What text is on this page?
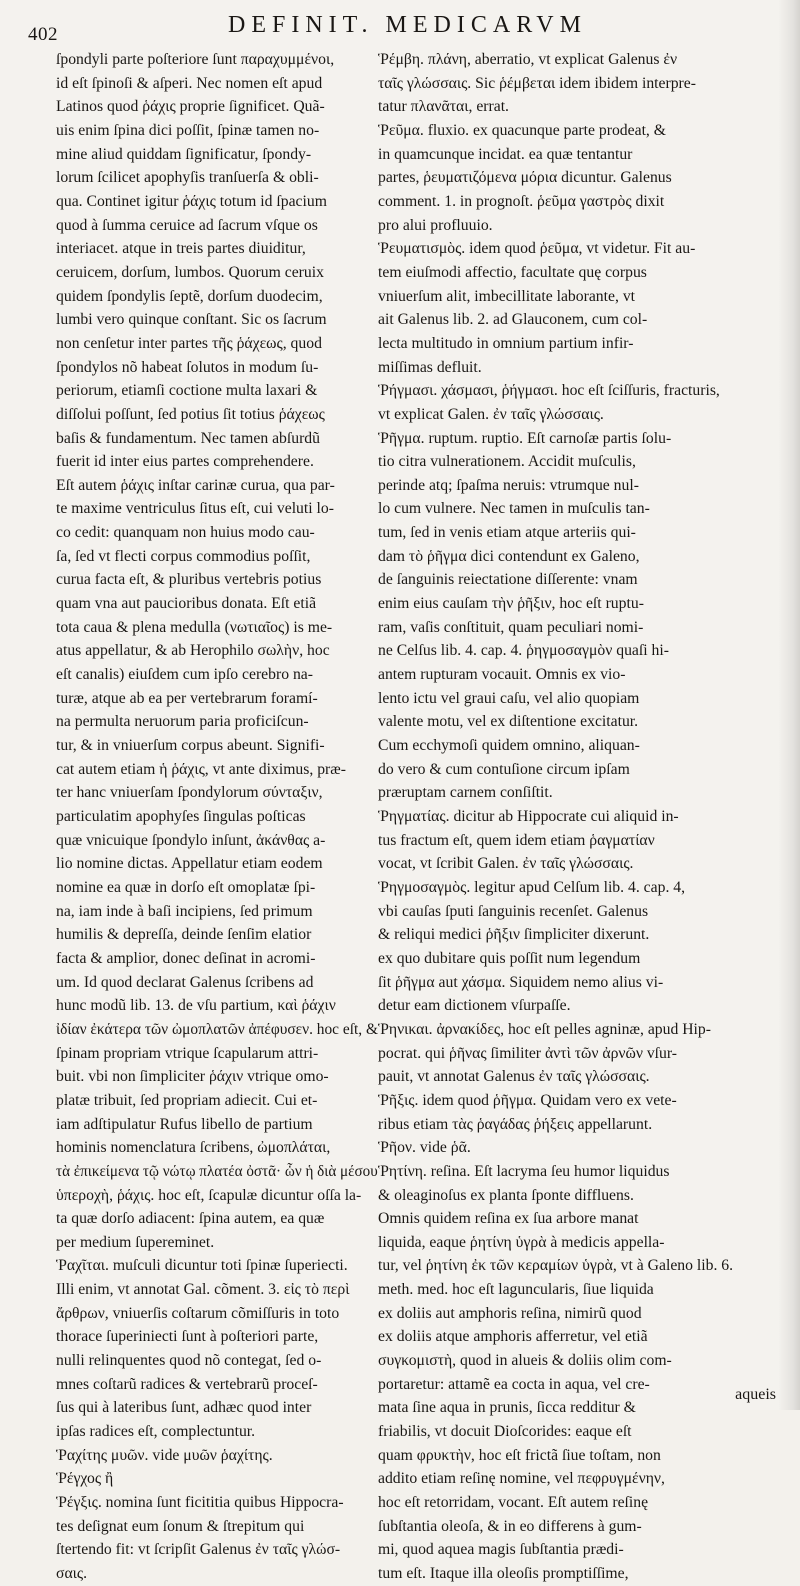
402	DEFINIT. MEDICARVM
ſpondyli parte poſteriore ſunt παραχυμμένοι,
id eſt ſpinoſi & aſperi. Nec nomen eſt apud
Latinos quod ῥάχις proprie ſignificet. Quã-
uis enim ſpina dici poſſit, ſpinæ tamen no-
mine aliud quiddam ſignificatur, ſpondy-
lorum ſcilicet apophyſis tranſuerſa & obli-
qua. Continet igitur ῥάχις totum id ſpacium
quod à ſumma ceruice ad ſacrum vſque os
interiacet. atque in treis partes diuiditur,
ceruicem, dorſum, lumbos. Quorum ceruix
quidem ſpondylis ſeptẽ, dorſum duodecim,
lumbi vero quinque conſtant. Sic os ſacrum
non cenſetur inter partes τῆς ῥάχεως, quod
ſpondylos nõ habeat ſolutos in modum ſu-
periorum, etiamſi coctione multa laxari &
diſſolui poſſunt, ſed potius ſit totius ῥάχεως
baſis & fundamentum. Nec tamen abſurdũ
fuerit id inter eius partes comprehendere.
Eſt autem ῥάχις inſtar carinæ curua, qua par-
te maxime ventriculus ſitus eſt, cui veluti lo-
co cedit: quanquam non huius modo cau-
ſa, ſed vt flecti corpus commodius poſſit,
curua facta eſt, & pluribus vertebris potius
quam vna aut paucioribus donata. Eſt etiã
tota caua & plena medulla (νωτιαῖος) is me-
atus appellatur, & ab Herophilo σωλὴν, hoc
eſt canalis) eiuſdem cum ipſo cerebro na-
turæ, atque ab ea per vertebrarum foramí-
na permulta neruorum paria proficiſcun-
tur, & in vniuerſum corpus abeunt. Signifi-
cat autem etiam ἡ ῥάχις, vt ante diximus, præ-
ter hanc vniuerſam ſpondylorum σύνταξιν,
particulatim apophyſes ſingulas poſticas
quæ vnicuique ſpondylo inſunt, ἀκάνθας a-
lio nomine dictas. Appellatur etiam eodem
nomine ea quæ in dorſo eſt omoplatæ ſpi-
na, iam inde à baſi incipiens, ſed primum
humilis & depreſſa, deinde ſenſim elatior
facta & amplior, donec deſinat in acromi-
um. Id quod declarat Galenus ſcribens ad
hunc modũ lib. 13. de vſu partium, καὶ ῥάχιν
ἰδίαν ἐκάτερα τῶν ὠμοπλατῶν ἀπέφυσεν. hoc eſt, &
ſpinam propriam vtrique ſcapularum attri-
buit. vbi non ſimpliciter ῥάχιν vtrique omo-
platæ tribuit, ſed propriam adiecit. Cui et-
iam adſtipulatur Rufus libello de partium
hominis nomenclatura ſcribens, ὠμοπλάται,
τὰ ἐπικείμενα τῷ νώτῳ πλατέα ὀστᾶ· ὧν ἡ διὰ μέσου
ὑπεροχὴ, ῥάχις. hoc eſt, ſcapulæ dicuntur oſſa la-
ta quæ dorſo adiacent: ſpina autem, ea quæ
per medium ſupereminet.
Ῥαχῖται. muſculi dicuntur toti ſpinæ ſuperiecti.
Illi enim, vt annotat Gal. cõment. 3. εἰς τὸ περὶ
ἄρθρων, vniuerſis coſtarum cõmiſſuris in toto
thorace ſuperiniecti ſunt à poſteriori parte,
nulli relinquentes quod nõ contegat, ſed o-
mnes coſtarũ radices & vertebrarũ proceſ-
ſus qui à lateribus ſunt, adhæc quod inter
ipſas radices eſt, complectuntur.
Ῥαχίτης μυῶν. vide μυῶν ῥαχίτης.
Ῥέγχος ἢ
Ῥέγξις. nomina ſunt ficititia quibus Hippocra-
tes deſignat eum ſonum & ſtrepitum qui
ſtertendo fit: vt ſcripſit Galenus ἐν ταῖς γλώσ-
σαις.
Ῥέμβη. πλάνη, aberratio, vt explicat Galenus ἐν
ταῖς γλώσσαις. Sic ῥέμβεται idem ibidem interpre-
tatur πλανᾶται, errat.
Ῥεῦμα. fluxio. ex quacunque parte prodeat, &
in quamcunque incidat. ea quæ tentantur
partes, ῥευματιζόμενα μόρια dicuntur. Galenus
comment. 1. in prognoſt. ῥεῦμα γαστρὸς dixit
pro alui profluuio.
Ῥευματισμὸς. idem quod ῥεῦμα, vt videtur. Fit au-
tem eiuſmodi affectio, facultate quę corpus
vniuerſum alit, imbecillitate laborante, vt
ait Galenus lib. 2. ad Glauconem, cum col-
lecta multitudo in omnium partium infir-
miſſimas defluit.
Ῥήγμασι. χάσμασι, ῥήγμασι. hoc eſt ſciſſuris, fracturis,
vt explicat Galen. ἐν ταῖς γλώσσαις.
Ῥῆγμα. ruptum. ruptio. Eſt carnoſæ partis ſolu-
tio citra vulnerationem. Accidit muſculis,
perinde atq; ſpaſma neruis: vtrumque nul-
lo cum vulnere. Nec tamen in muſculis tan-
tum, ſed in venis etiam atque arteriis qui-
dam τὸ ῥῆγμα dici contendunt ex Galeno,
de ſanguinis reiectatione diſſerente: vnam
enim eius cauſam τὴν ῥῆξιν, hoc eſt ruptu-
ram, vaſis conſtituit, quam peculiari nomi-
ne Celſus lib. 4. cap. 4. ῥηγμοσαγμὸν quaſi hi-
antem rupturam vocauit. Omnis ex vio-
lento ictu vel graui caſu, vel alio quopiam
valente motu, vel ex diſtentione excitatur.
Cum ecchymoſi quidem omnino, aliquan-
do vero & cum contuſione circum ipſam
præruptam carnem conſiſtit.
Ῥηγματίας. dicitur ab Hippocrate cui aliquid in-
tus fractum eſt, quem idem etiam ῥαγματίαν
vocat, vt ſcribit Galen. ἐν ταῖς γλώσσαις.
Ῥηγμοσαγμὸς. legitur apud Celſum lib. 4. cap. 4,
vbi cauſas ſputi ſanguinis recenſet. Galenus
& reliqui medici ῥῆξιν ſimpliciter dixerunt.
ex quo dubitare quis poſſit num legendum
ſit ῥῆγμα aut χάσμα. Siquidem nemo alius vi-
detur eam dictionem vſurpaſſe.
Ῥηνικαι. ἀρνακίδες, hoc eſt pelles agninæ, apud Hip-
pocrat. qui ῥῆνας ſimiliter ἀντὶ τῶν ἀρνῶν vſur-
pauit, vt annotat Galenus ἐν ταῖς γλώσσαις.
Ῥῆξις. idem quod ῥῆγμα. Quidam vero ex vete-
ribus etiam τὰς ῥαγάδας ῥήξεις appellarunt.
Ῥῆον. vide ῥᾶ.
Ῥητίνη. reſina. Eſt lacryma ſeu humor liquidus
& oleaginoſus ex planta ſponte diffluens.
Omnis quidem reſina ex ſua arbore manat
liquida, eaque ῥητίνη ὑγρὰ à medicis appella-
tur, vel ῥητίνη ἐκ τῶν κεραμίων ὑγρὰ, vt à Galeno lib. 6.
meth. med. hoc eſt laguncularis, ſiue liquida
ex doliis aut amphoris reſina, nimirũ quod
ex doliis atque amphoris afferretur, vel etiã
συγκομιστὴ, quod in alueis & doliis olim com-
portaretur: attamẽ ea cocta in aqua, vel cre-
mata ſine aqua in prunis, ſicca redditur &
friabilis, vt docuit Dioſcorides: eaque eſt
quam φρυκτὴν, hoc eſt frictã ſiue toſtam, non
addito etiam reſinę nomine, vel πεφρυγμένην,
hoc eſt retorridam, vocant. Eſt autem reſinę
ſubſtantia oleoſa, & in eo differens à gum-
mi, quod aquea magis ſubſtantia prædi-
tum eſt. Itaque illa oleoſis promptiſſime,
aqueis
